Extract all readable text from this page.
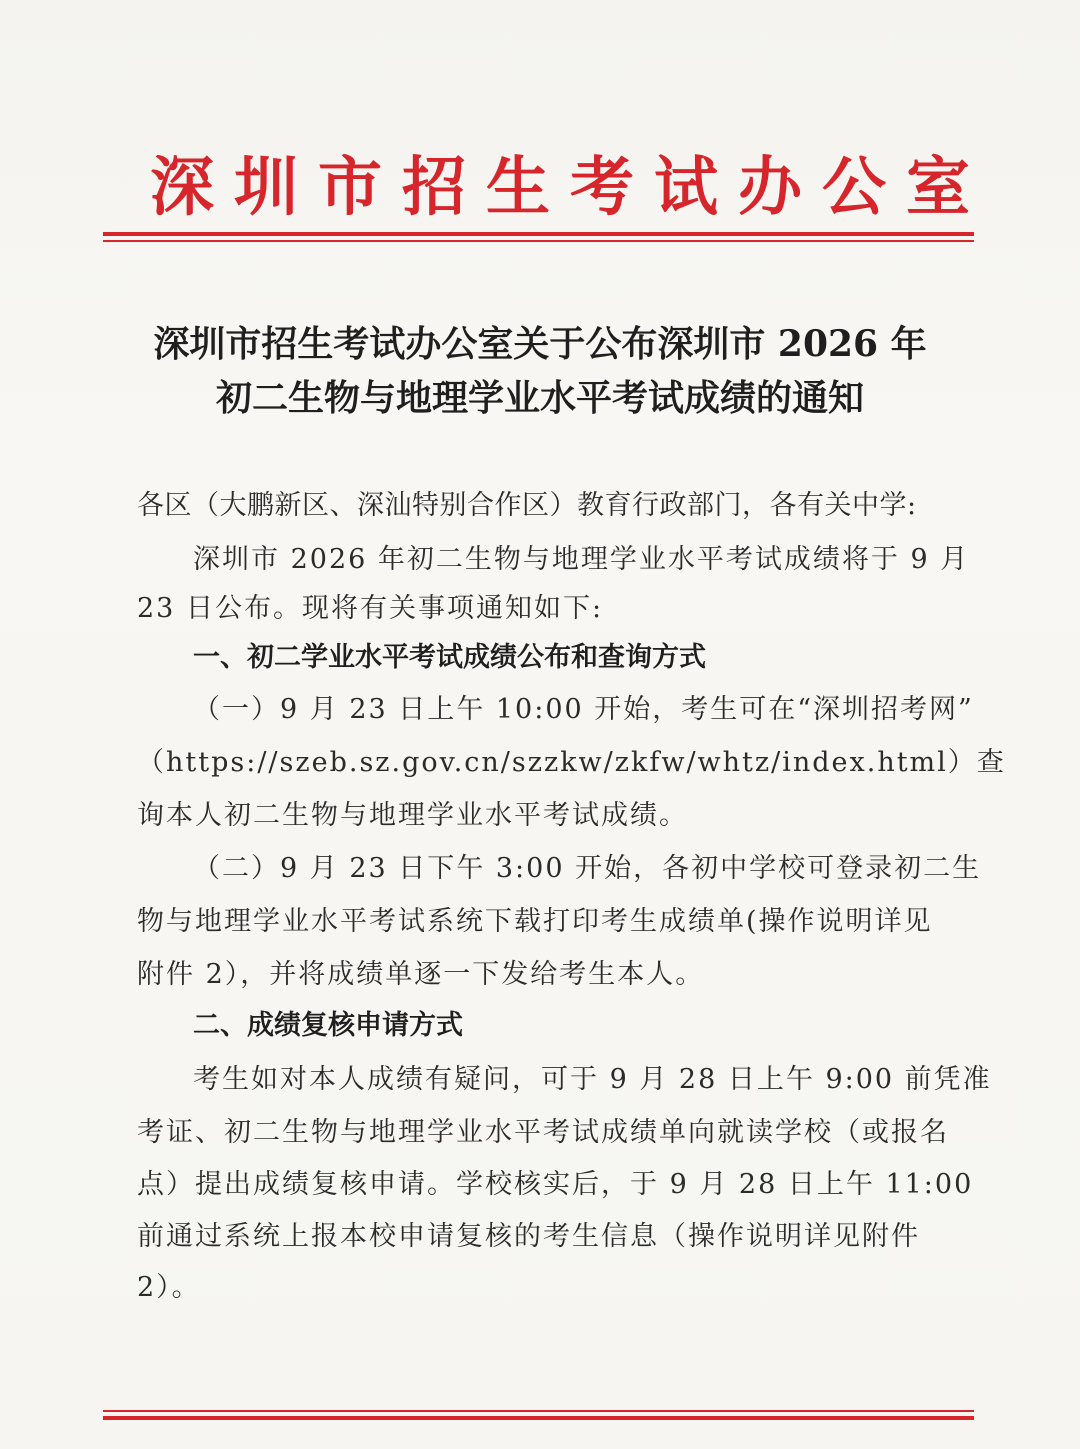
深圳市招生考试办公室
深圳市招生考试办公室关于公布深圳市 2026 年
初二生物与地理学业水平考试成绩的通知
各区（大鹏新区、深汕特别合作区）教育行政部门，各有关中学:
深圳市 2026 年初二生物与地理学业水平考试成绩将于 9 月
23 日公布。现将有关事项通知如下:
一、初二学业水平考试成绩公布和查询方式
（一）9 月 23 日上午 10:00 开始，考生可在“深圳招考网”
（https://szeb.sz.gov.cn/szzkw/zkfw/whtz/index.html）查
询本人初二生物与地理学业水平考试成绩。
（二）9 月 23 日下午 3:00 开始，各初中学校可登录初二生
物与地理学业水平考试系统下载打印考生成绩单(操作说明详见
附件 2），并将成绩单逐一下发给考生本人。
二、成绩复核申请方式
考生如对本人成绩有疑问，可于 9 月 28 日上午 9:00 前凭准
考证、初二生物与地理学业水平考试成绩单向就读学校（或报名
点）提出成绩复核申请。学校核实后，于 9 月 28 日上午 11:00
前通过系统上报本校申请复核的考生信息（操作说明详见附件
2）。
